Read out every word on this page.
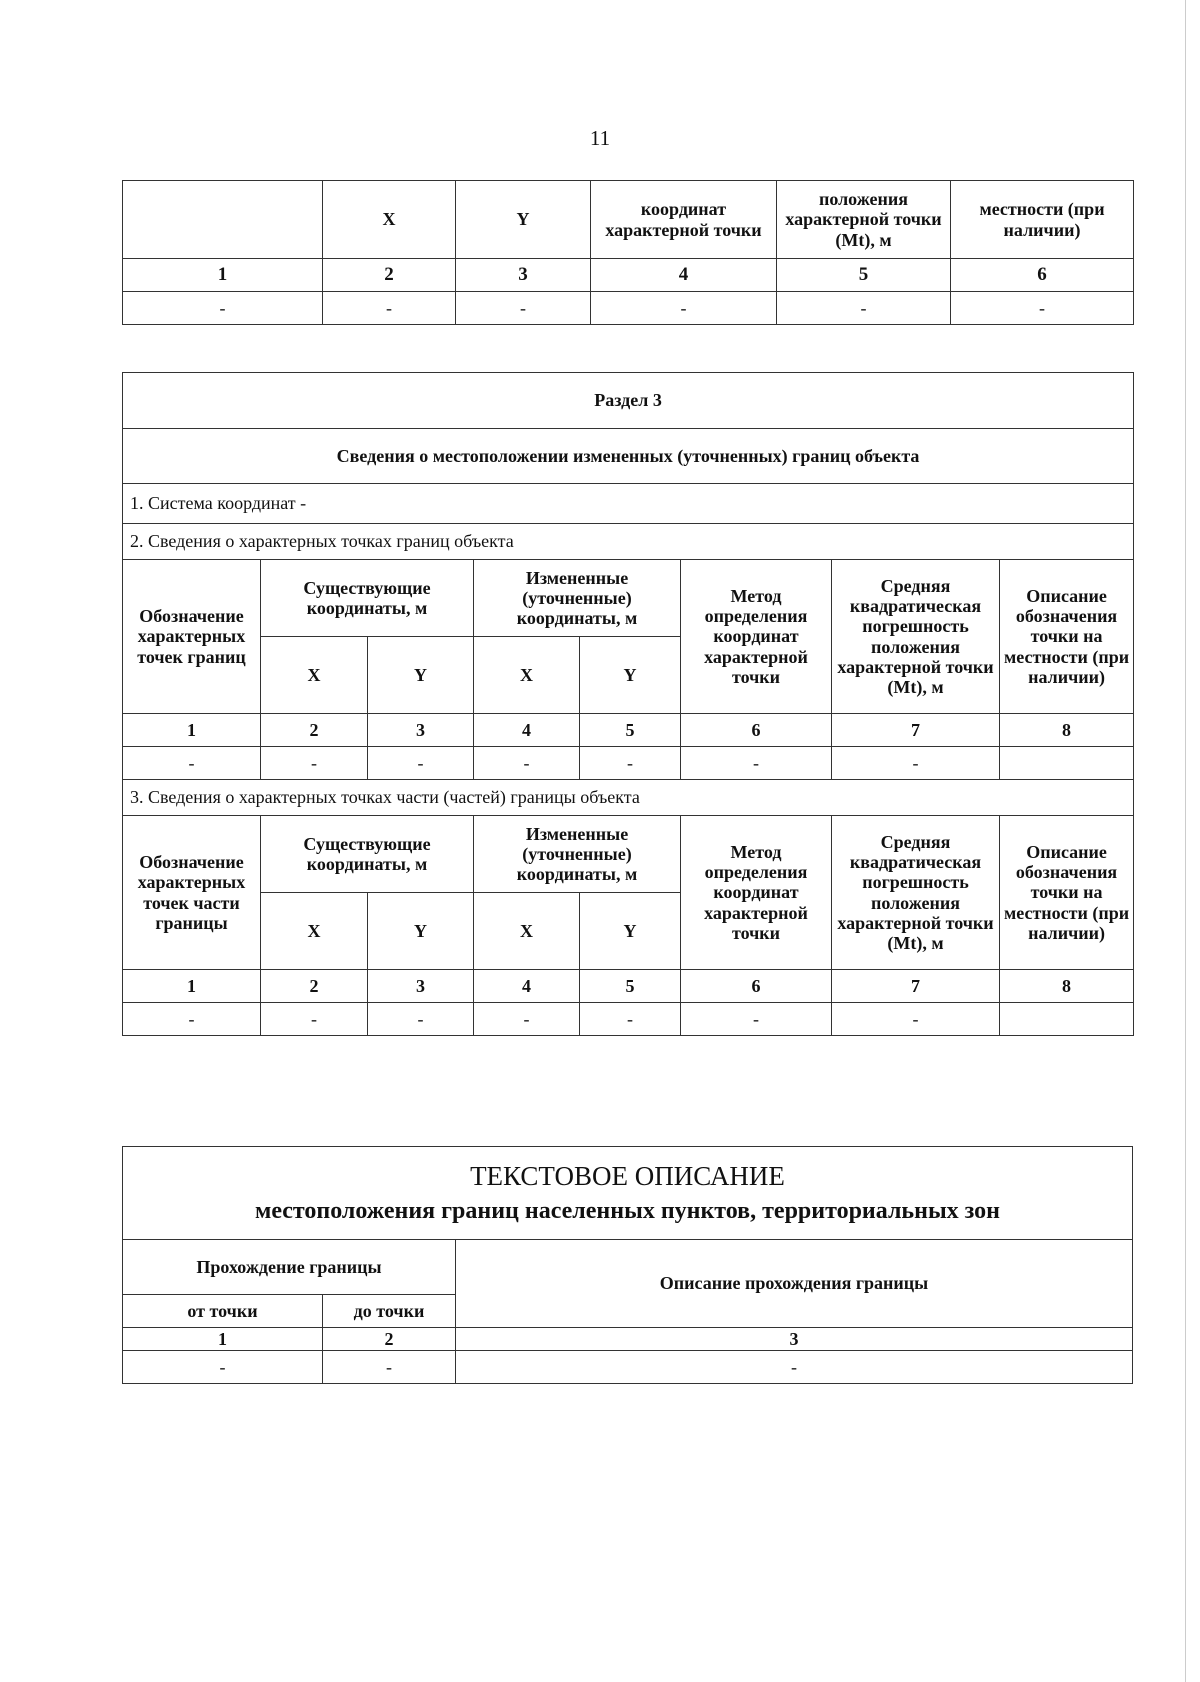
11
	X	Y	координат характерной точки	положения характерной точки (Mt), м	местности (при наличии)
1	2	3	4	5	6
-	-	-	-	-	-
Раздел 3							
Сведения о местоположении измененных (уточненных) границ объекта							
1. Система координат -							
2. Сведения о характерных точках границ объекта							
Обозначение характерных точек границ	Существующие координаты, м		Измененные (уточненные) координаты, м		Метод определения координат характерной точки	Средняя квадратическая погрешность положения характерной точки (Mt), м	Описание обозначения точки на местности (при наличии)
	X	Y	X	Y			
1	2	3	4	5	6	7	8
-	-	-	-	-	-	-	
3. Сведения о характерных точках части (частей) границы объекта							
Обозначение характерных точек части границы	Существующие координаты, м		Измененные (уточненные) координаты, м		Метод определения координат характерной точки	Средняя квадратическая погрешность положения характерной точки (Mt), м	Описание обозначения точки на местности (при наличии)
	X	Y	X	Y			
1	2	3	4	5	6	7	8
-	-	-	-	-	-	-	
ТЕКСТОВОЕ ОПИСАНИЕ
местоположения границ населенных пунктов, территориальных зон		

Прохождение границы		Описание прохождения границы
от точки	до точки	
1	2	3
-	-	-
